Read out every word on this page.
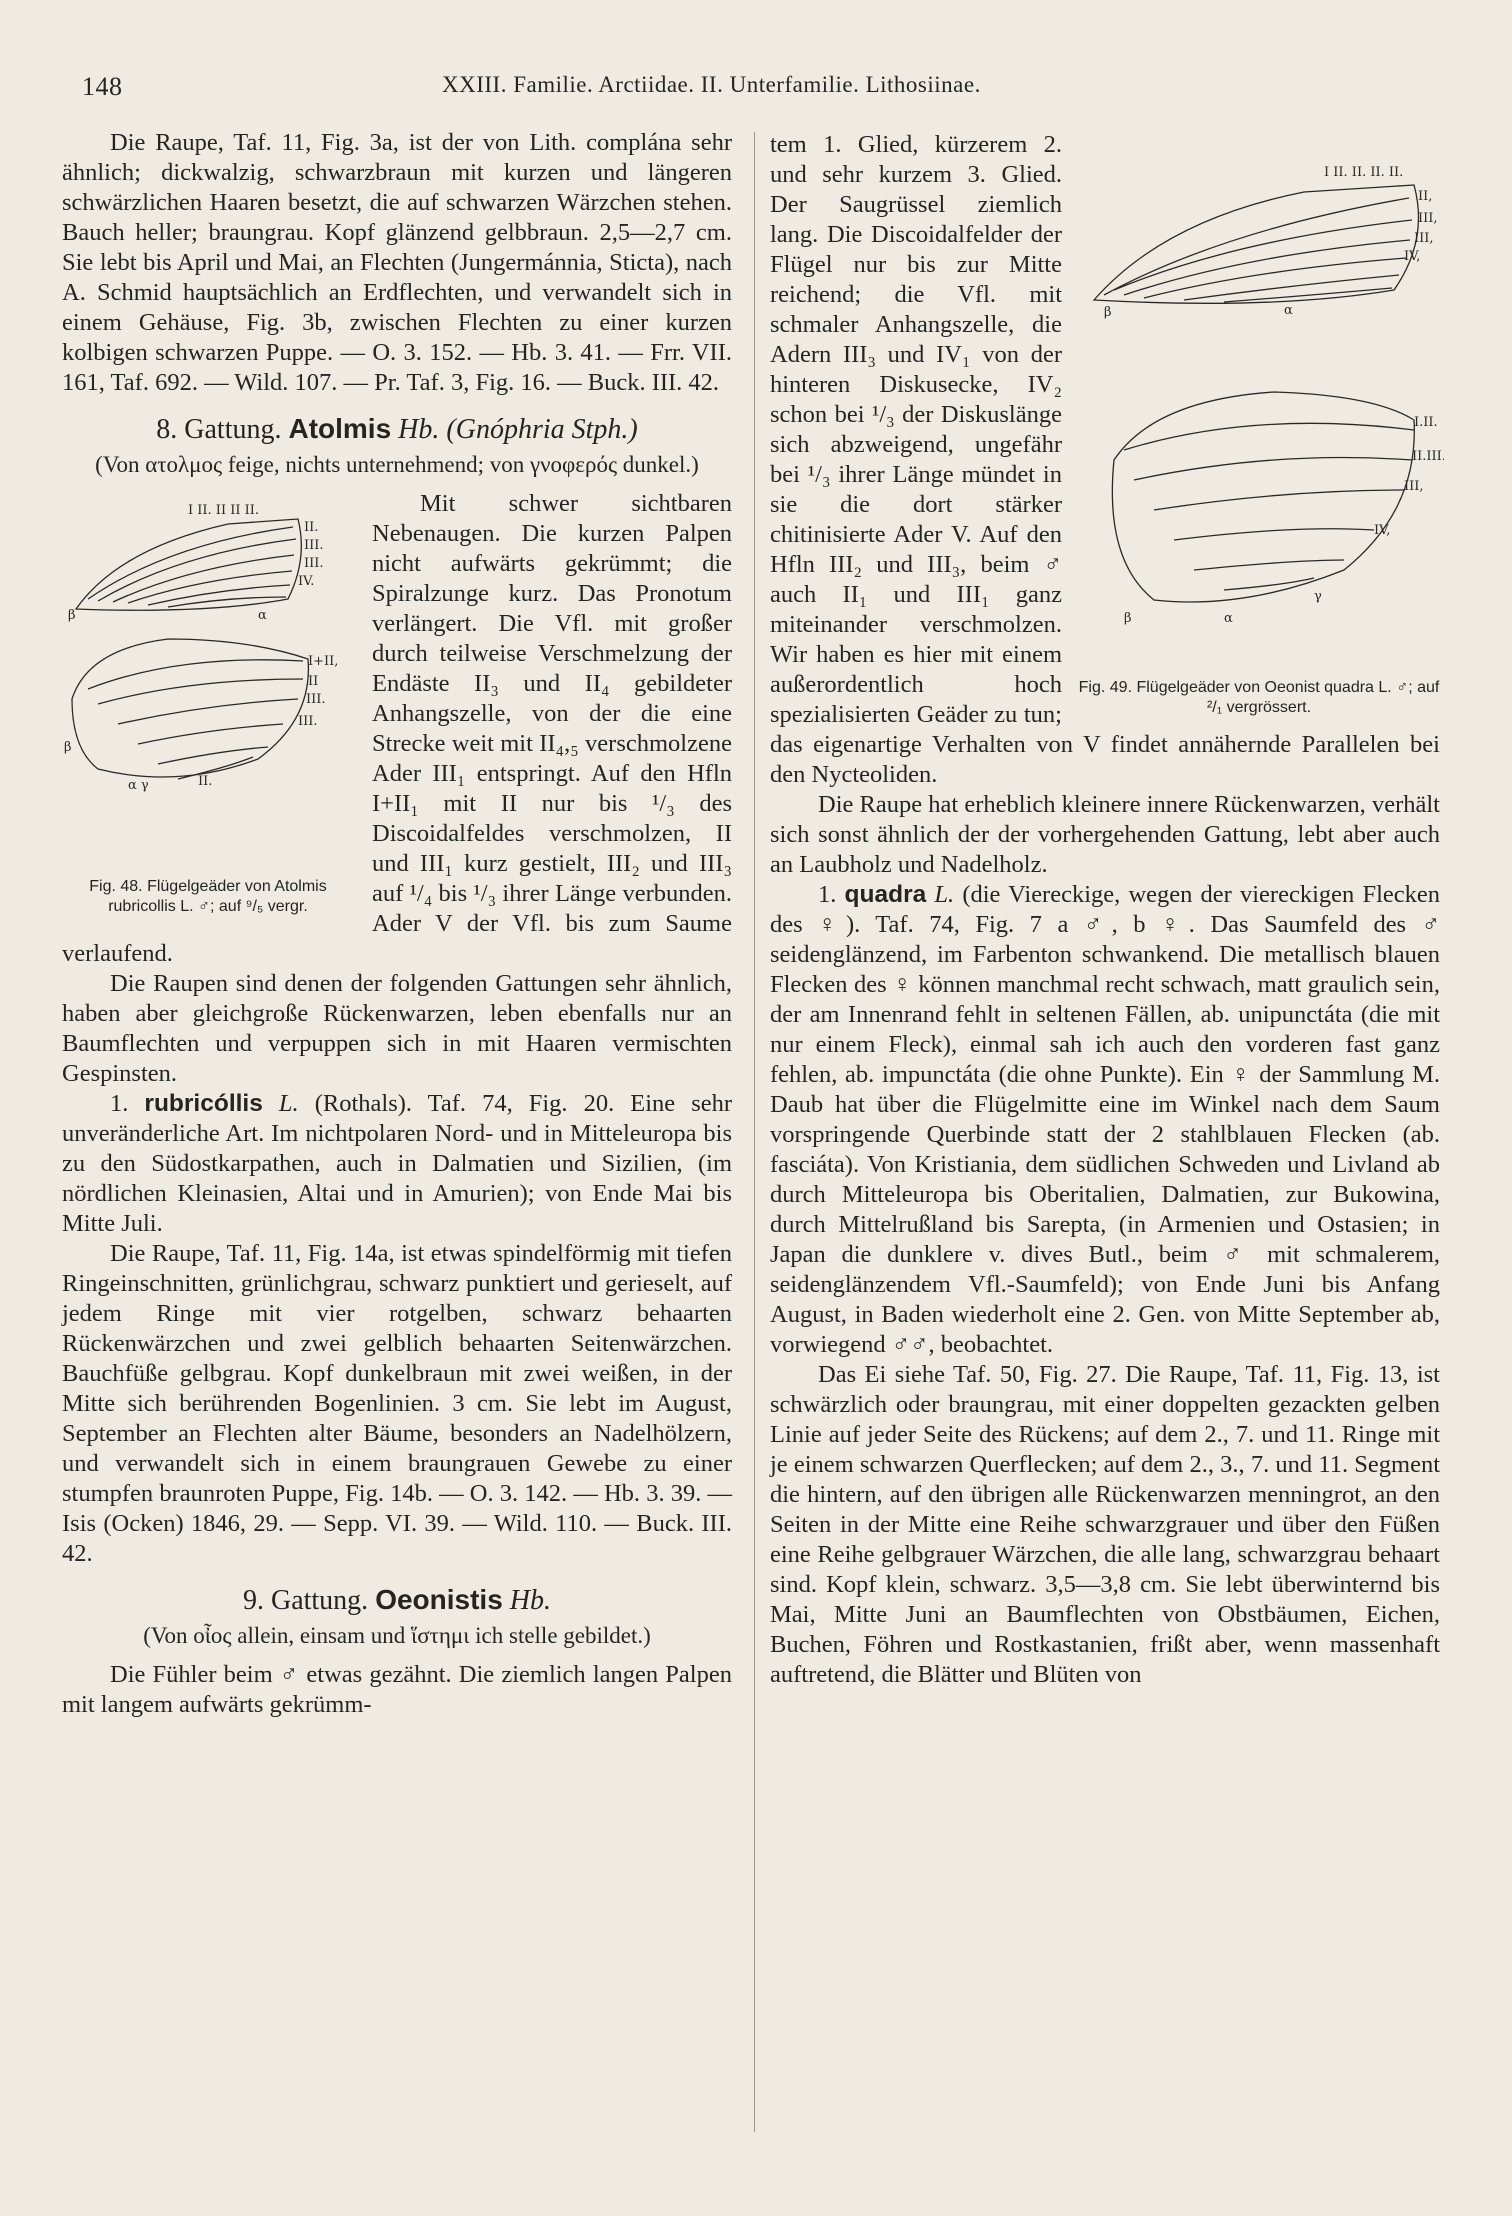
148	XXIII. Familie. Arctiidae. II. Unterfamilie. Lithosiinae.

Die Raupe, Taf. 11, Fig. 3a, ist der von Lith. complána sehr ähnlich; dickwalzig, schwarzbraun mit kurzen und längeren schwärzlichen Haaren besetzt, die auf schwarzen Wärzchen stehen. Bauch heller; braungrau. Kopf glänzend gelbbraun. 2,5—2,7 cm. Sie lebt bis April und Mai, an Flechten (Jungermánnia, Sticta), nach A. Schmid hauptsächlich an Erdflechten, und verwandelt sich in einem Gehäuse, Fig. 3b, zwischen Flechten zu einer kurzen kolbigen schwarzen Puppe. — O. 3. 152. — Hb. 3. 41. — Frr. VII. 161, Taf. 692. — Wild. 107. — Pr. Taf. 3, Fig. 16. — Buck. III. 42.

8. Gattung. Atolmis Hb. (Gnóphria Stph.)
(Von ατολμος feige, nichts unternehmend; von γνοφερός dunkel.)
I II. II II II.
II.
III.
III.
IV.
β	α
I+II,
II
III.
III.
β
α γ	II.
Fig. 48. Flügelgeäder von Atolmis rubricollis L. ♂; auf ⁹/₅ vergr.

Mit schwer sichtbaren Nebenaugen. Die kurzen Palpen nicht aufwärts gekrümmt; die Spiralzunge kurz. Das Pronotum verlängert. Die Vfl. mit großer durch teilweise Verschmelzung der Endäste II₃ und II₄ gebildeter Anhangszelle, von der die eine Strecke weit mit II₄,₅ verschmolzene Ader III₁ entspringt. Auf den Hfln I+II₁ mit II nur bis ¹/₃ des Discoidalfeldes verschmolzen, II und III₁ kurz gestielt, III₂ und III₃ auf ¹/₄ bis ¹/₃ ihrer Länge verbunden. Ader V der Vfl. bis zum Saume verlaufend.

Die Raupen sind denen der folgenden Gattungen sehr ähnlich, haben aber gleichgroße Rückenwarzen, leben ebenfalls nur an Baumflechten und verpuppen sich in mit Haaren vermischten Gespinsten.

1. rubricóllis L. (Rothals). Taf. 74, Fig. 20. Eine sehr unveränderliche Art. Im nichtpolaren Nord- und in Mitteleuropa bis zu den Südostkarpathen, auch in Dalmatien und Sizilien, (im nördlichen Kleinasien, Altai und in Amurien); von Ende Mai bis Mitte Juli.

Die Raupe, Taf. 11, Fig. 14a, ist etwas spindelförmig mit tiefen Ringeinschnitten, grünlichgrau, schwarz punktiert und gerieselt, auf jedem Ringe mit vier rotgelben, schwarz behaarten Rückenwärzchen und zwei gelblich behaarten Seitenwärzchen. Bauchfüße gelbgrau. Kopf dunkelbraun mit zwei weißen, in der Mitte sich berührenden Bogenlinien. 3 cm. Sie lebt im August, September an Flechten alter Bäume, besonders an Nadelhölzern, und verwandelt sich in einem braungrauen Gewebe zu einer stumpfen braunroten Puppe, Fig. 14b. — O. 3. 142. — Hb. 3. 39. — Isis (Ocken) 1846, 29. — Sepp. VI. 39. — Wild. 110. — Buck. III. 42.

9. Gattung. Oeonistis Hb.
(Von οἶος allein, einsam und ἵστημι ich stelle gebildet.)

Die Fühler beim ♂ etwas gezähnt. Die ziemlich langen Palpen mit langem aufwärts gekrümm-

I II. II. II. II.
II,
III,
III,
IV,
β	α
I.II.
II.III.
III,
IV,
β	α
γ
Fig. 49. Flügelgeäder von Oeonist quadra L. ♂; auf ²/₁ vergrössert.

tem 1. Glied, kürzerem 2. und sehr kurzem 3. Glied. Der Saugrüssel ziemlich lang. Die Discoidalfelder der Flügel nur bis zur Mitte reichend; die Vfl. mit schmaler Anhangszelle, die Adern III₃ und IV₁ von der hinteren Diskusecke, IV₂ schon bei ¹/₃ der Diskuslänge sich abzweigend, ungefähr bei ¹/₃ ihrer Länge mündet in sie die dort stärker chitinisierte Ader V. Auf den Hfln III₂ und III₃, beim ♂ auch II₁ und III₁ ganz miteinander verschmolzen. Wir haben es hier mit einem außerordentlich hoch spezialisierten Geäder zu tun; das eigenartige Verhalten von V findet annähernde Parallelen bei den Nycteoliden.

Die Raupe hat erheblich kleinere innere Rückenwarzen, verhält sich sonst ähnlich der der vorhergehenden Gattung, lebt aber auch an Laubholz und Nadelholz.

1. quadra L. (die Viereckige, wegen der viereckigen Flecken des ♀). Taf. 74, Fig. 7 a ♂, b ♀. Das Saumfeld des ♂ seidenglänzend, im Farbenton schwankend. Die metallisch blauen Flecken des ♀ können manchmal recht schwach, matt graulich sein, der am Innenrand fehlt in seltenen Fällen, ab. unipunctáta (die mit nur einem Fleck), einmal sah ich auch den vorderen fast ganz fehlen, ab. impunctáta (die ohne Punkte). Ein ♀ der Sammlung M. Daub hat über die Flügelmitte eine im Winkel nach dem Saum vorspringende Querbinde statt der 2 stahlblauen Flecken (ab. fasciáta). Von Kristiania, dem südlichen Schweden und Livland ab durch Mitteleuropa bis Oberitalien, Dalmatien, zur Bukowina, durch Mittelrußland bis Sarepta, (in Armenien und Ostasien; in Japan die dunklere v. dives Butl., beim ♂ mit schmalerem, seidenglänzendem Vfl.-Saumfeld); von Ende Juni bis Anfang August, in Baden wiederholt eine 2. Gen. von Mitte September ab, vorwiegend ♂♂, beobachtet.

Das Ei siehe Taf. 50, Fig. 27. Die Raupe, Taf. 11, Fig. 13, ist schwärzlich oder braungrau, mit einer doppelten gezackten gelben Linie auf jeder Seite des Rückens; auf dem 2., 7. und 11. Ringe mit je einem schwarzen Querflecken; auf dem 2., 3., 7. und 11. Segment die hintern, auf den übrigen alle Rückenwarzen menningrot, an den Seiten in der Mitte eine Reihe schwarzgrauer und über den Füßen eine Reihe gelbgrauer Wärzchen, die alle lang, schwarzgrau behaart sind. Kopf klein, schwarz. 3,5—3,8 cm. Sie lebt überwinternd bis Mai, Mitte Juni an Baumflechten von Obstbäumen, Eichen, Buchen, Föhren und Rostkastanien, frißt aber, wenn massenhaft auftretend, die Blätter und Blüten von
